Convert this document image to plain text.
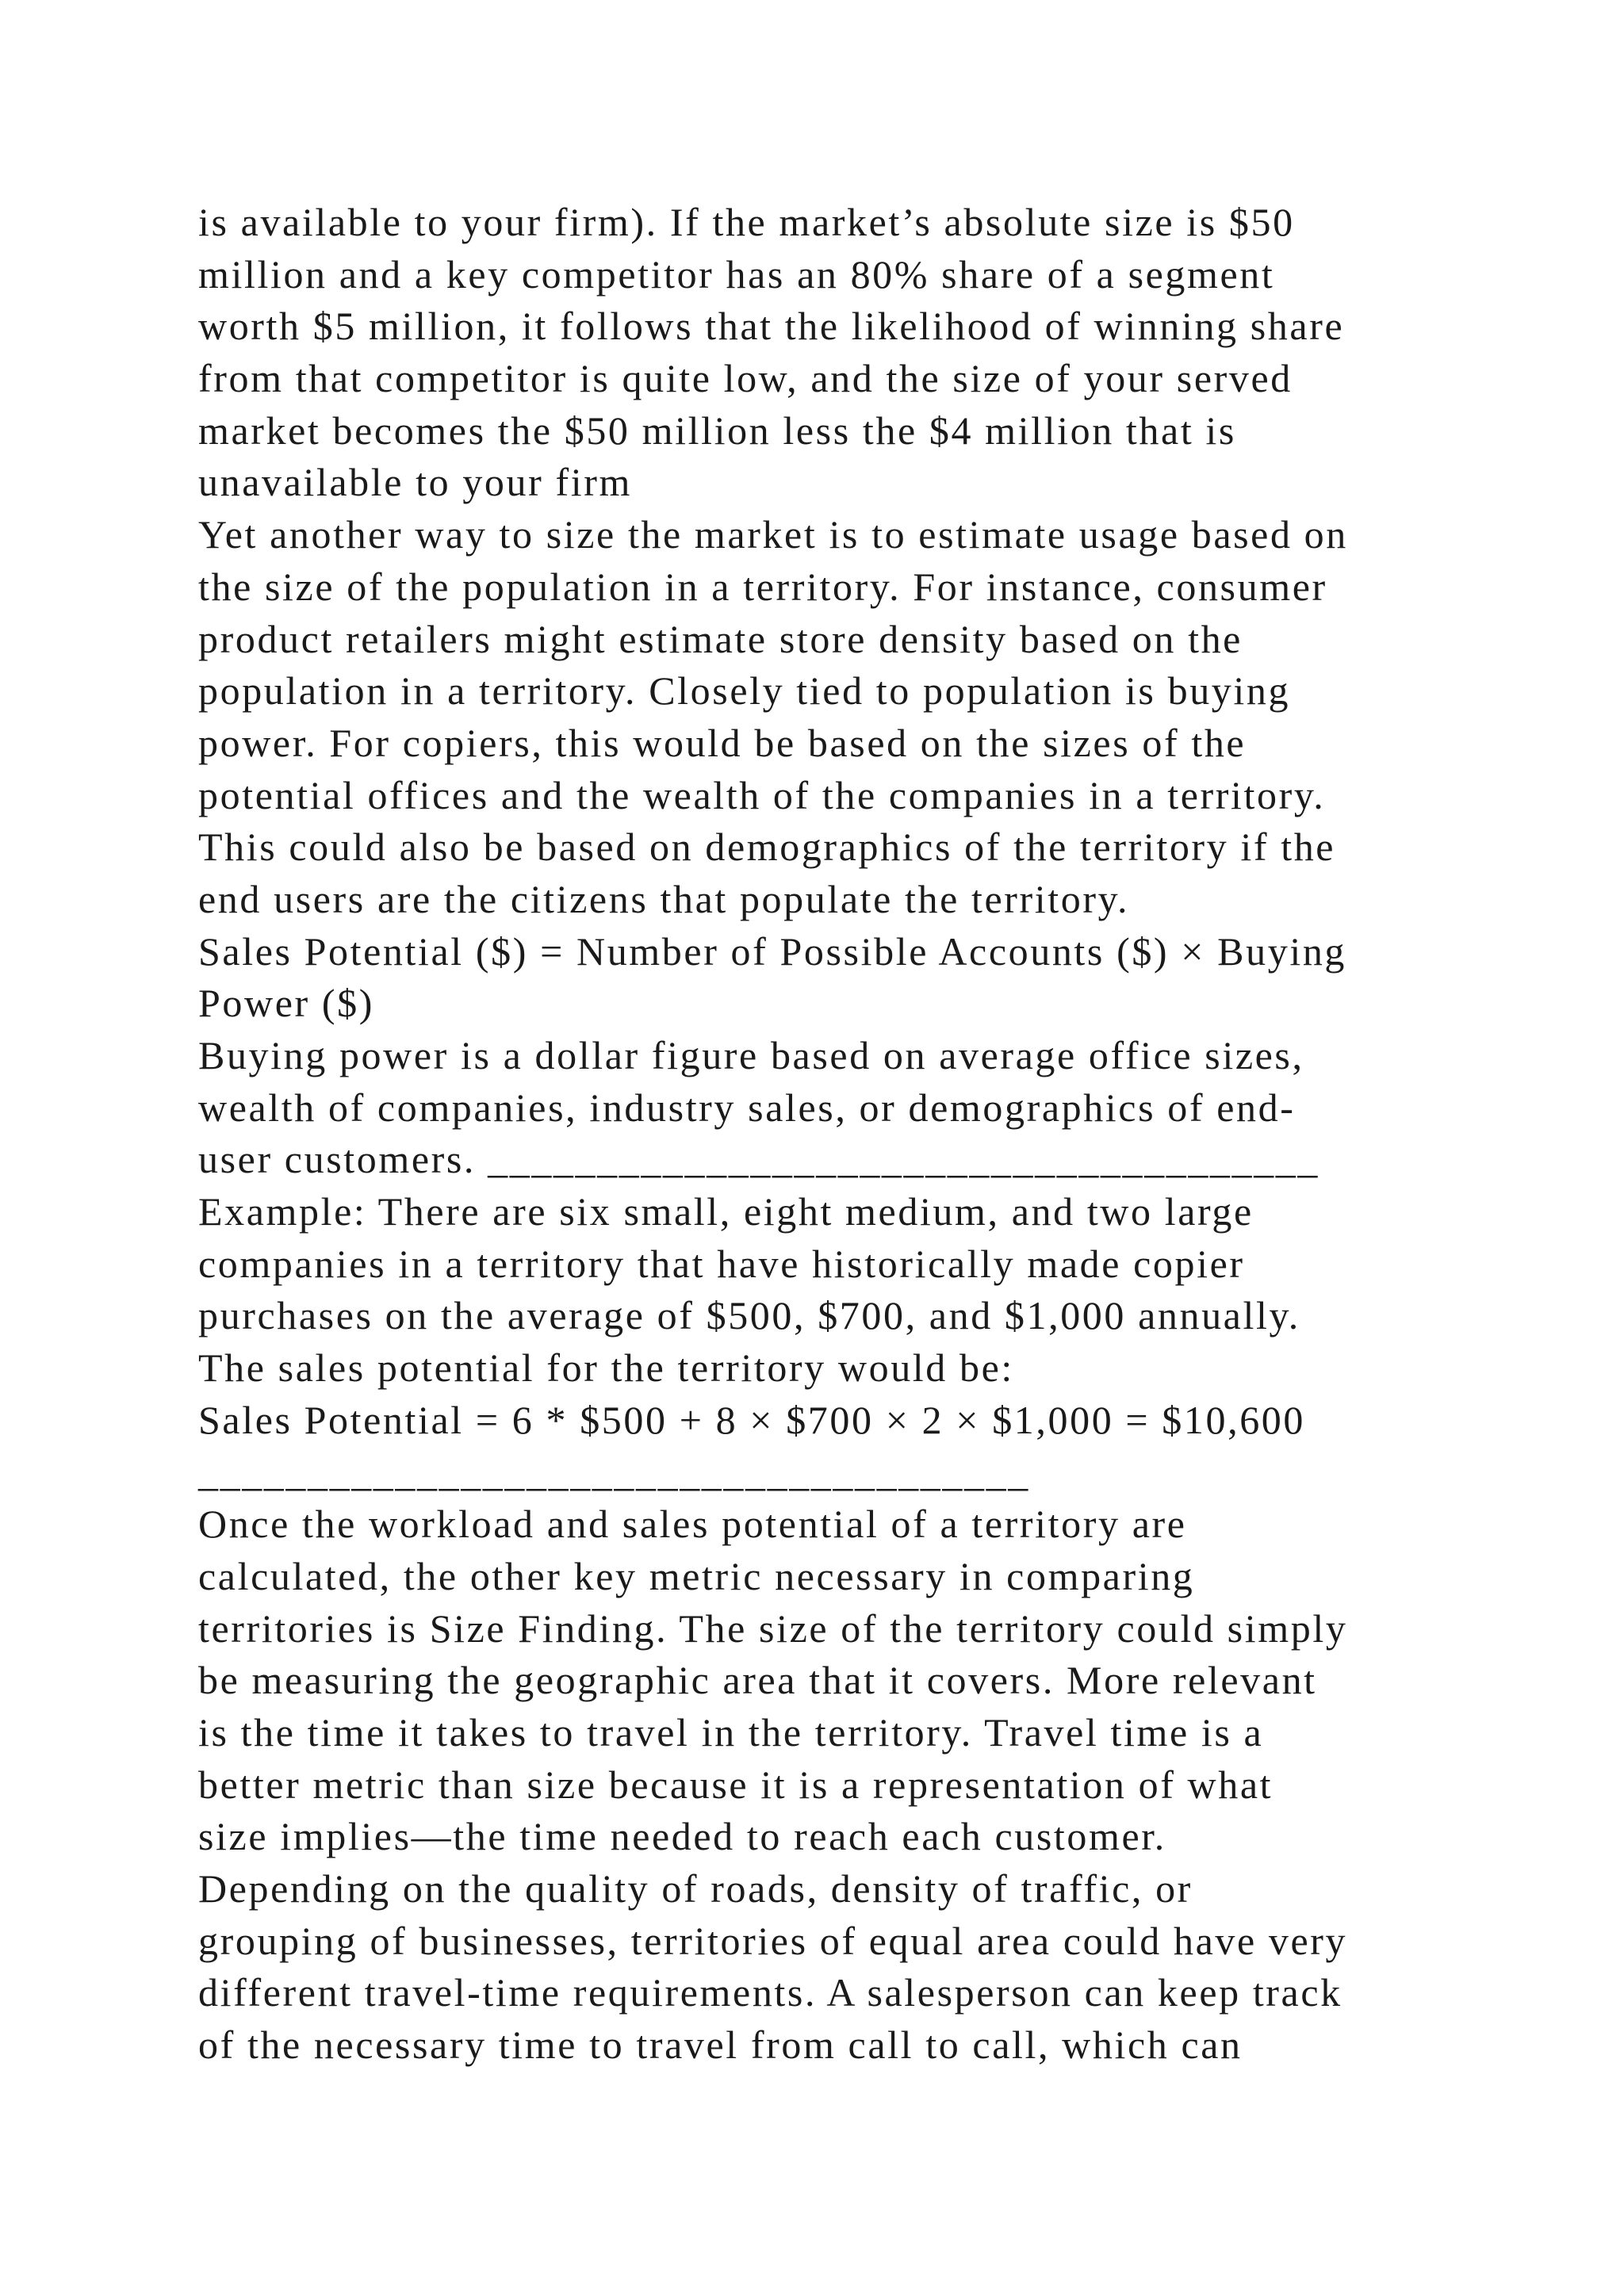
is available to your firm). If the market’s absolute size is $50
million and a key competitor has an 80% share of a segment
worth $5 million, it follows that the likelihood of winning share
from that competitor is quite low, and the size of your served
market becomes the $50 million less the $4 million that is
unavailable to your firm
Yet another way to size the market is to estimate usage based on
the size of the population in a territory. For instance, consumer
product retailers might estimate store density based on the
population in a territory. Closely tied to population is buying
power. For copiers, this would be based on the sizes of the
potential offices and the wealth of the companies in a territory.
This could also be based on demographics of the territory if the
end users are the citizens that populate the territory.
Sales Potential ($) = Number of Possible Accounts ($) × Buying
Power ($)
Buying power is a dollar figure based on average office sizes,
wealth of companies, industry sales, or demographics of end-
user customers. ______________________________________
Example: There are six small, eight medium, and two large
companies in a territory that have historically made copier
purchases on the average of $500, $700, and $1,000 annually.
The sales potential for the territory would be:
Sales Potential = 6 * $500 + 8 × $700 × 2 × $1,000 = $10,600
______________________________________
Once the workload and sales potential of a territory are
calculated, the other key metric necessary in comparing
territories is Size Finding. The size of the territory could simply
be measuring the geographic area that it covers. More relevant
is the time it takes to travel in the territory. Travel time is a
better metric than size because it is a representation of what
size implies—the time needed to reach each customer.
Depending on the quality of roads, density of traffic, or
grouping of businesses, territories of equal area could have very
different travel-time requirements. A salesperson can keep track
of the necessary time to travel from call to call, which can
